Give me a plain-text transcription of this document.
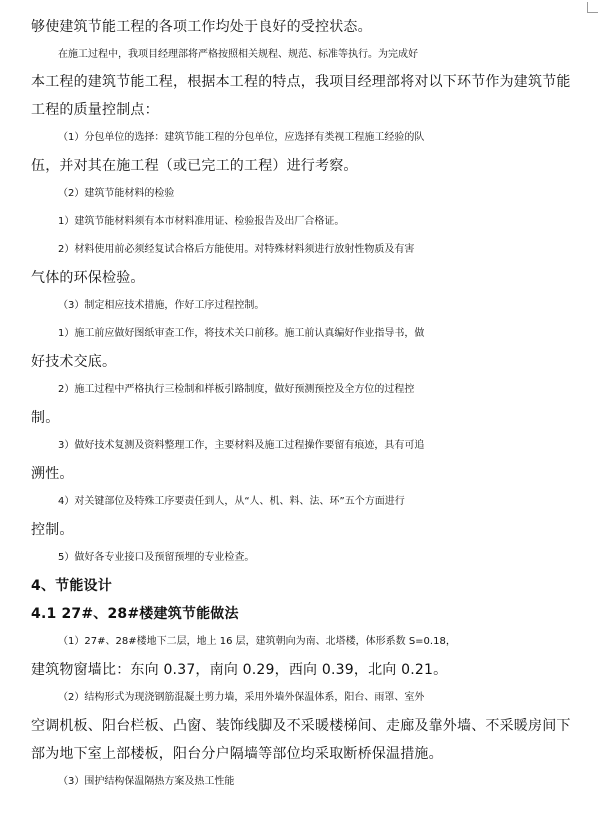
够使建筑节能工程的各项工作均处于良好的受控状态。
在施工过程中，我项目经理部将严格按照相关规程、规范、标准等执行。为完成好
本工程的建筑节能工程，根据本工程的特点，我项目经理部将对以下环节作为建筑节能
工程的质量控制点：
（1）分包单位的选择：建筑节能工程的分包单位，应选择有类视工程施工经验的队
伍，并对其在施工程（或已完工的工程）进行考察。
（2）建筑节能材料的检验
1）建筑节能材料须有本市材料准用证、检验报告及出厂合格证。
2）材料使用前必须经复试合格后方能使用。对特殊材料须进行放射性物质及有害
气体的环保检验。
（3）制定相应技术措施，作好工序过程控制。
1）施工前应做好图纸审查工作，将技术关口前移。施工前认真编好作业指导书，做
好技术交底。
2）施工过程中严格执行三检制和样板引路制度，做好预测预控及全方位的过程控
制。
3）做好技术复测及资料整理工作，主要材料及施工过程操作要留有痕迹，具有可追
溯性。
4）对关键部位及特殊工序要责任到人，从“人、机、料、法、环”五个方面进行
控制。
5）做好各专业接口及预留预埋的专业检查。
4、节能设计
4.1 27#、28#楼建筑节能做法
（1）27#、28#楼地下二层，地上 16 层，建筑朝向为南、北塔楼，体形系数 S=0.18，
建筑物窗墙比：东向 0.37，南向 0.29，西向 0.39，北向 0.21。
（2）结构形式为现浇钢筋混凝土剪力墙，采用外墙外保温体系，阳台、雨罩、室外
空调机板、阳台栏板、凸窗、装饰线脚及不采暖楼梯间、走廊及靠外墙、不采暖房间下
部为地下室上部楼板，阳台分户隔墙等部位均采取断桥保温措施。
（3）围护结构保温隔热方案及热工性能
